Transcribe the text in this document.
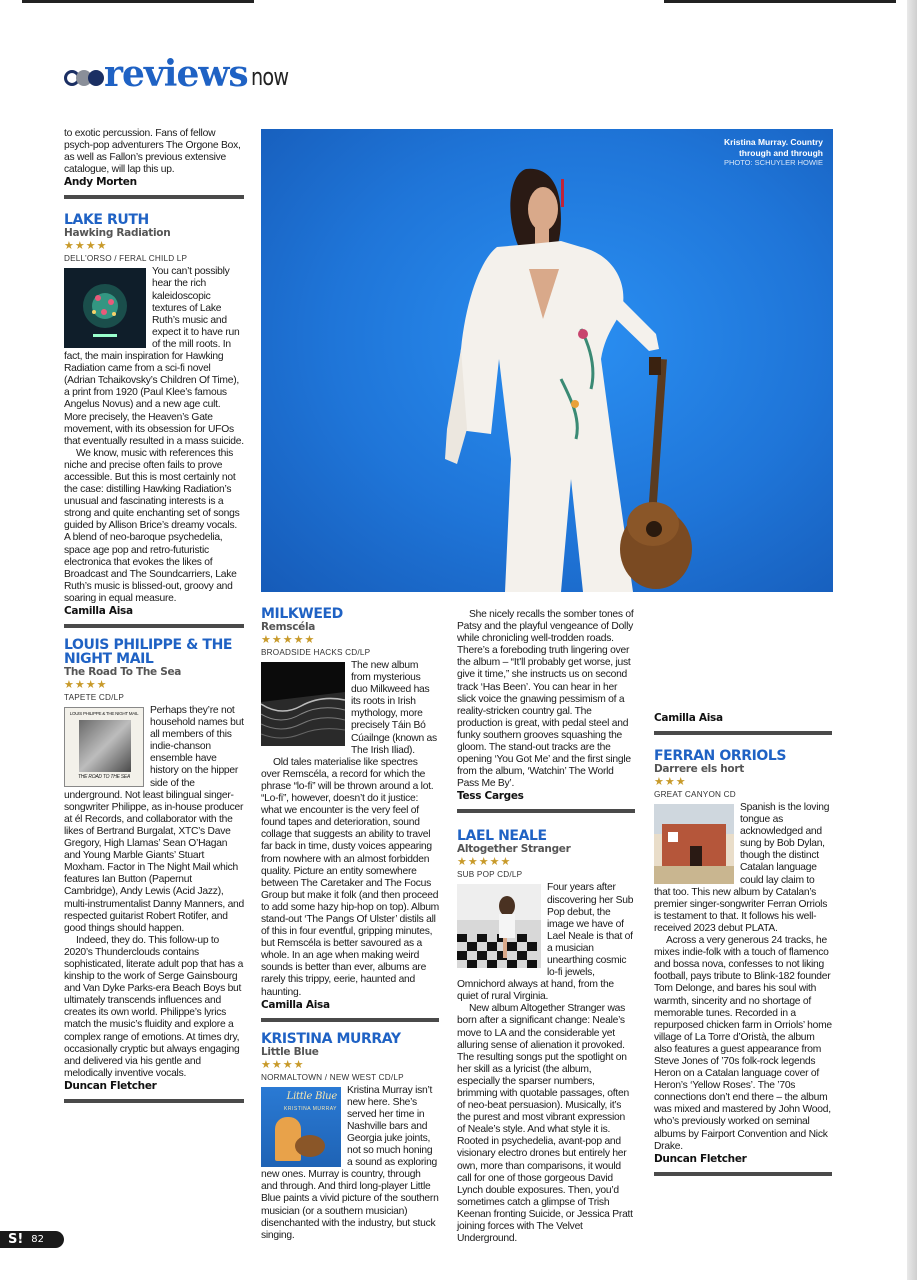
reviews now

to exotic percussion. Fans of fellow psych-pop adventurers The Orgone Box, as well as Fallon’s previous extensive catalogue, will lap this up.

Andy Morten
LAKE RUTH
Hawking Radiation
★★★★
DELL’ORSO / FERAL CHILD LP

You can’t possibly hear the rich kaleidoscopic textures of Lake Ruth’s music and expect it to have run of the mill roots. In fact, the main inspiration for Hawking Radiation came from a sci-fi novel (Adrian Tchaikovsky’s Children Of Time), a print from 1920 (Paul Klee’s famous Angelus Novus) and a new age cult. More precisely, the Heaven’s Gate movement, with its obsession for UFOs that eventually resulted in a mass suicide.

We know, music with references this niche and precise often fails to prove accessible. But this is most certainly not the case: distilling Hawking Radiation’s unusual and fascinating interests is a strong and quite enchanting set of songs guided by Allison Brice’s dreamy vocals. A blend of neo-baroque psychedelia, space age pop and retro-futuristic electronica that evokes the likes of Broadcast and The Soundcarriers, Lake Ruth’s music is blissed-out, groovy and soaring in equal measure.

Camilla Aisa
LOUIS PHILIPPE & THE NIGHT MAIL
The Road To The Sea
★★★★
TAPETE CD/LP
LOUIS PHILIPPE & THE NIGHT MAIL
THE ROAD TO THE SEA

Perhaps they’re not household names but all members of this indie-chanson ensemble have history on the hipper side of the underground. Not least bilingual singer-songwriter Philippe, as in-house producer at él Records, and collaborator with the likes of Bertrand Burgalat, XTC’s Dave Gregory, High Llamas’ Sean O’Hagan and Young Marble Giants’ Stuart Moxham. Factor in The Night Mail which features Ian Button (Papernut Cambridge), Andy Lewis (Acid Jazz), multi-instrumentalist Danny Manners, and respected guitarist Robert Rotifer, and good things should happen.

Indeed, they do. This follow-up to 2020’s Thunderclouds contains sophisticated, literate adult pop that has a kinship to the work of Serge Gainsbourg and Van Dyke Parks-era Beach Boys but ultimately transcends influences and creates its own world. Philippe’s lyrics match the music’s fluidity and explore a complex range of emotions. At times dry, occasionally cryptic but always engaging and delivered via his gentle and melodically inventive vocals.

Duncan Fletcher
Kristina Murray. Country
through and through
PHOTO: SCHUYLER HOWIE
MILKWEED
Remscéla
★★★★★
BROADSIDE HACKS CD/LP

The new album from mysterious duo Milkweed has its roots in Irish mythology, more precisely Táin Bó Cúailnge (known as The Irish Iliad).

Old tales materialise like spectres over Remscéla, a record for which the phrase “lo-fi” will be thrown around a lot. “Lo-fi”, however, doesn’t do it justice: what we encounter is the very feel of found tapes and deterioration, sound collage that suggests an ability to travel far back in time, dusty voices appearing from nowhere with an almost forbidden quality. Picture an entity somewhere between The Caretaker and The Focus Group but make it folk (and then proceed to add some hazy hip-hop on top). Album stand-out ‘The Pangs Of Ulster’ distils all of this in four eventful, gripping minutes, but Remscéla is better savoured as a whole. In an age when making weird sounds is better than ever, albums are rarely this trippy, eerie, haunted and haunting.

Camilla Aisa
KRISTINA MURRAY
Little Blue
★★★★
NORMALTOWN / NEW WEST CD/LP
Little Blue
KRISTINA MURRAY

Kristina Murray isn’t new here. She’s served her time in Nashville bars and Georgia juke joints, not so much honing a sound as exploring new ones. Murray is country, through and through. And third long-player Little Blue paints a vivid picture of the southern musician (or a southern musician) disenchanted with the industry, but stuck singing.

She nicely recalls the somber tones of Patsy and the playful vengeance of Dolly while chronicling well-trodden roads. There’s a foreboding truth lingering over the album – “It’ll probably get worse, just give it time,” she instructs us on second track ‘Has Been’. You can hear in her slick voice the gnawing pessimism of a reality-stricken country gal. The production is great, with pedal steel and funky southern grooves squashing the gloom. The stand-out tracks are the opening ‘You Got Me’ and the first single from the album, ‘Watchin’ The World Pass Me By’.

Tess Carges
LAEL NEALE
Altogether Stranger
★★★★★
SUB POP CD/LP

Four years after discovering her Sub Pop debut, the image we have of Lael Neale is that of a musician unearthing cosmic lo-fi jewels, Omnichord always at hand, from the quiet of rural Virginia.

New album Altogether Stranger was born after a significant change: Neale’s move to LA and the considerable yet alluring sense of alienation it provoked. The resulting songs put the spotlight on her skill as a lyricist (the album, especially the sparser numbers, brimming with quotable passages, often of neo-beat persuasion). Musically, it’s the purest and most vibrant expression of Neale’s style. And what style it is. Rooted in psychedelia, avant-pop and visionary electro drones but entirely her own, more than comparisons, it would call for one of those gorgeous David Lynch double exposures. Then, you’d sometimes catch a glimpse of Trish Keenan fronting Suicide, or Jessica Pratt joining forces with The Velvet Underground.

Camilla Aisa
FERRAN ORRIOLS
Darrere els hort
★★★
GREAT CANYON CD

Spanish is the loving tongue as acknowledged and sung by Bob Dylan, though the distinct Catalan language could lay claim to that too. This new album by Catalan’s premier singer-songwriter Ferran Orriols is testament to that. It follows his well-received 2023 debut PLATA.

Across a very generous 24 tracks, he mixes indie-folk with a touch of flamenco and bossa nova, confesses to not liking football, pays tribute to Blink-182 founder Tom Delonge, and bares his soul with warmth, sincerity and no shortage of memorable tunes. Recorded in a repurposed chicken farm in Orriols’ home village of La Torre d’Oristà, the album also features a guest appearance from Steve Jones of ’70s folk-rock legends Heron on a Catalan language cover of Heron’s ‘Yellow Roses’. The ’70s connections don’t end there – the album was mixed and mastered by John Wood, who’s previously worked on seminal albums by Fairport Convention and Nick Drake.

Duncan Fletcher
S! 82
